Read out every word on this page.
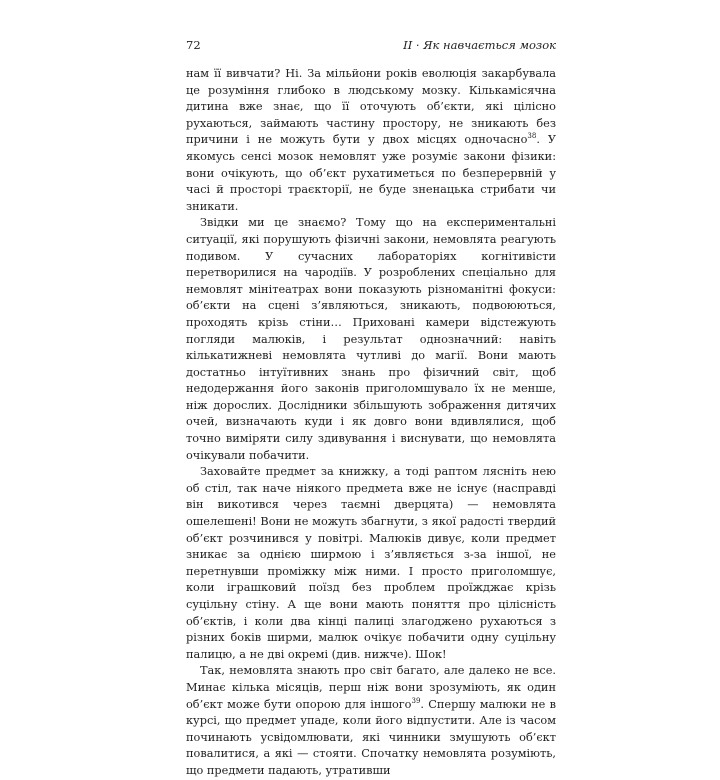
72	II · Як навчається мозок

нам її вивчати? Ні. За мільйони років еволюція закарбувала це розуміння глибоко в людському мозку. Кількамісячна дитина вже знає, що її оточують об’єкти, які цілісно рухаються, займають частину простору, не зникають без причини і не можуть бути у двох місцях одночасно$^{38}$. У якомусь сенсі мозок немовлят уже розуміє закони фізики: вони очікують, що об’єкт рухатиметься по безперервній у часі й просторі траєкторії, не буде зненацька стрибати чи зникати.

Звідки ми це знаємо? Тому що на експериментальні ситуації, які порушують фізичні закони, немовлята реагують подивом. У сучасних лабораторіях когнітивісти перетворилися на чародіїв. У розроблених спеціально для немовлят мінітеатрах вони показують різноманітні фокуси: об’єкти на сцені з’являються, зникають, подвоюються, проходять крізь стіни… Приховані камери відстежують погляди малюків, і результат однозначний: навіть кількатижневі немовлята чутливі до магії. Вони мають достатньо інтуїтивних знань про фізичний світ, щоб недодержання його законів приголомшувало їх не менше, ніж дорослих. Дослідники збільшують зображення дитячих очей, визначають куди і як довго вони вдивлялися, щоб точно виміряти силу здивування і виснувати, що немовлята очікували побачити.

Заховайте предмет за книжку, а тоді раптом лясніть нею об стіл, так наче ніякого предмета вже не існує (насправді він викотився через таємні дверцята) — немовлята ошелешені! Вони не можуть збагнути, з якої радості твердий об’єкт розчинився у повітрі. Малюків дивує, коли предмет зникає за однією ширмою і з’являється з-за іншої, не перетнувши проміжку між ними. І просто приголомшує, коли іграшковий поїзд без проблем проїжджає крізь суцільну стіну. А ще вони мають поняття про цілісність об’єктів, і коли два кінці палиці злагоджено рухаються з різних боків ширми, малюк очікує побачити одну суцільну палицю, а не дві окремі (див. нижче). Шок!

Так, немовлята знають про світ багато, але далеко не все. Минає кілька місяців, перш ніж вони зрозуміють, як один об’єкт може бути опорою для іншого$^{39}$. Спершу малюки не в курсі, що предмет упаде, коли його відпустити. Але із часом починають усвідомлювати, які чинники змушують об’єкт повалитися, а які — стояти. Спочатку немовлята розуміють, що предмети падають, утративши
